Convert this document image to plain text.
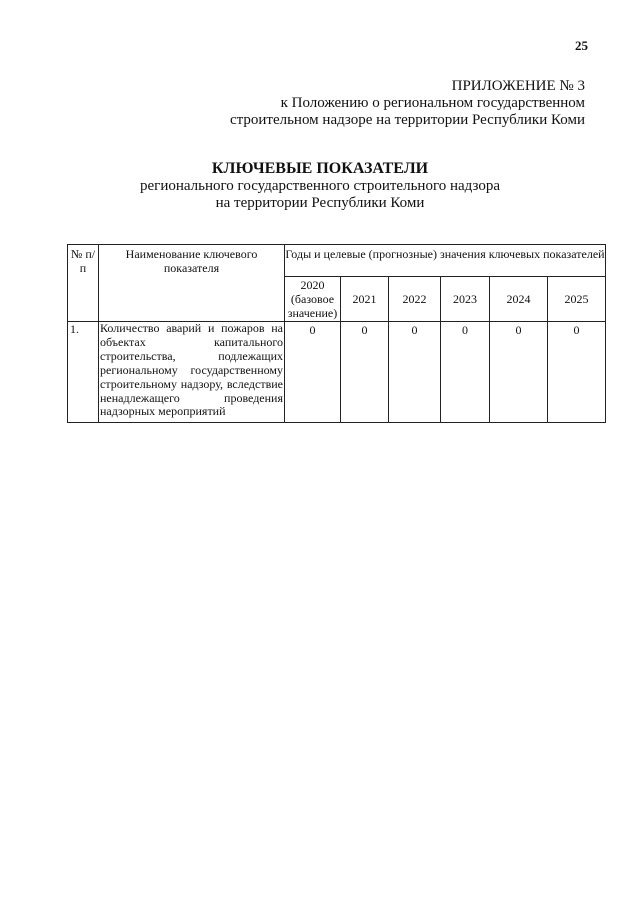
25
ПРИЛОЖЕНИЕ № 3
к Положению о региональном государственном
строительном надзоре на территории Республики Коми
КЛЮЧЕВЫЕ ПОКАЗАТЕЛИ
регионального государственного строительного надзора
на территории Республики Коми
№ п/п	Наименование ключевого показателя	Годы и целевые (прогнозные) значения ключевых показателей					
		2020 (базовое значение)	2021	2022	2023	2024	2025
1.	Количество аварий и пожаров на объектах капитального строительства, подлежащих региональному государственному строительному надзору, вследствие ненадлежащего проведения надзорных мероприятий	0	0	0	0	0	0
